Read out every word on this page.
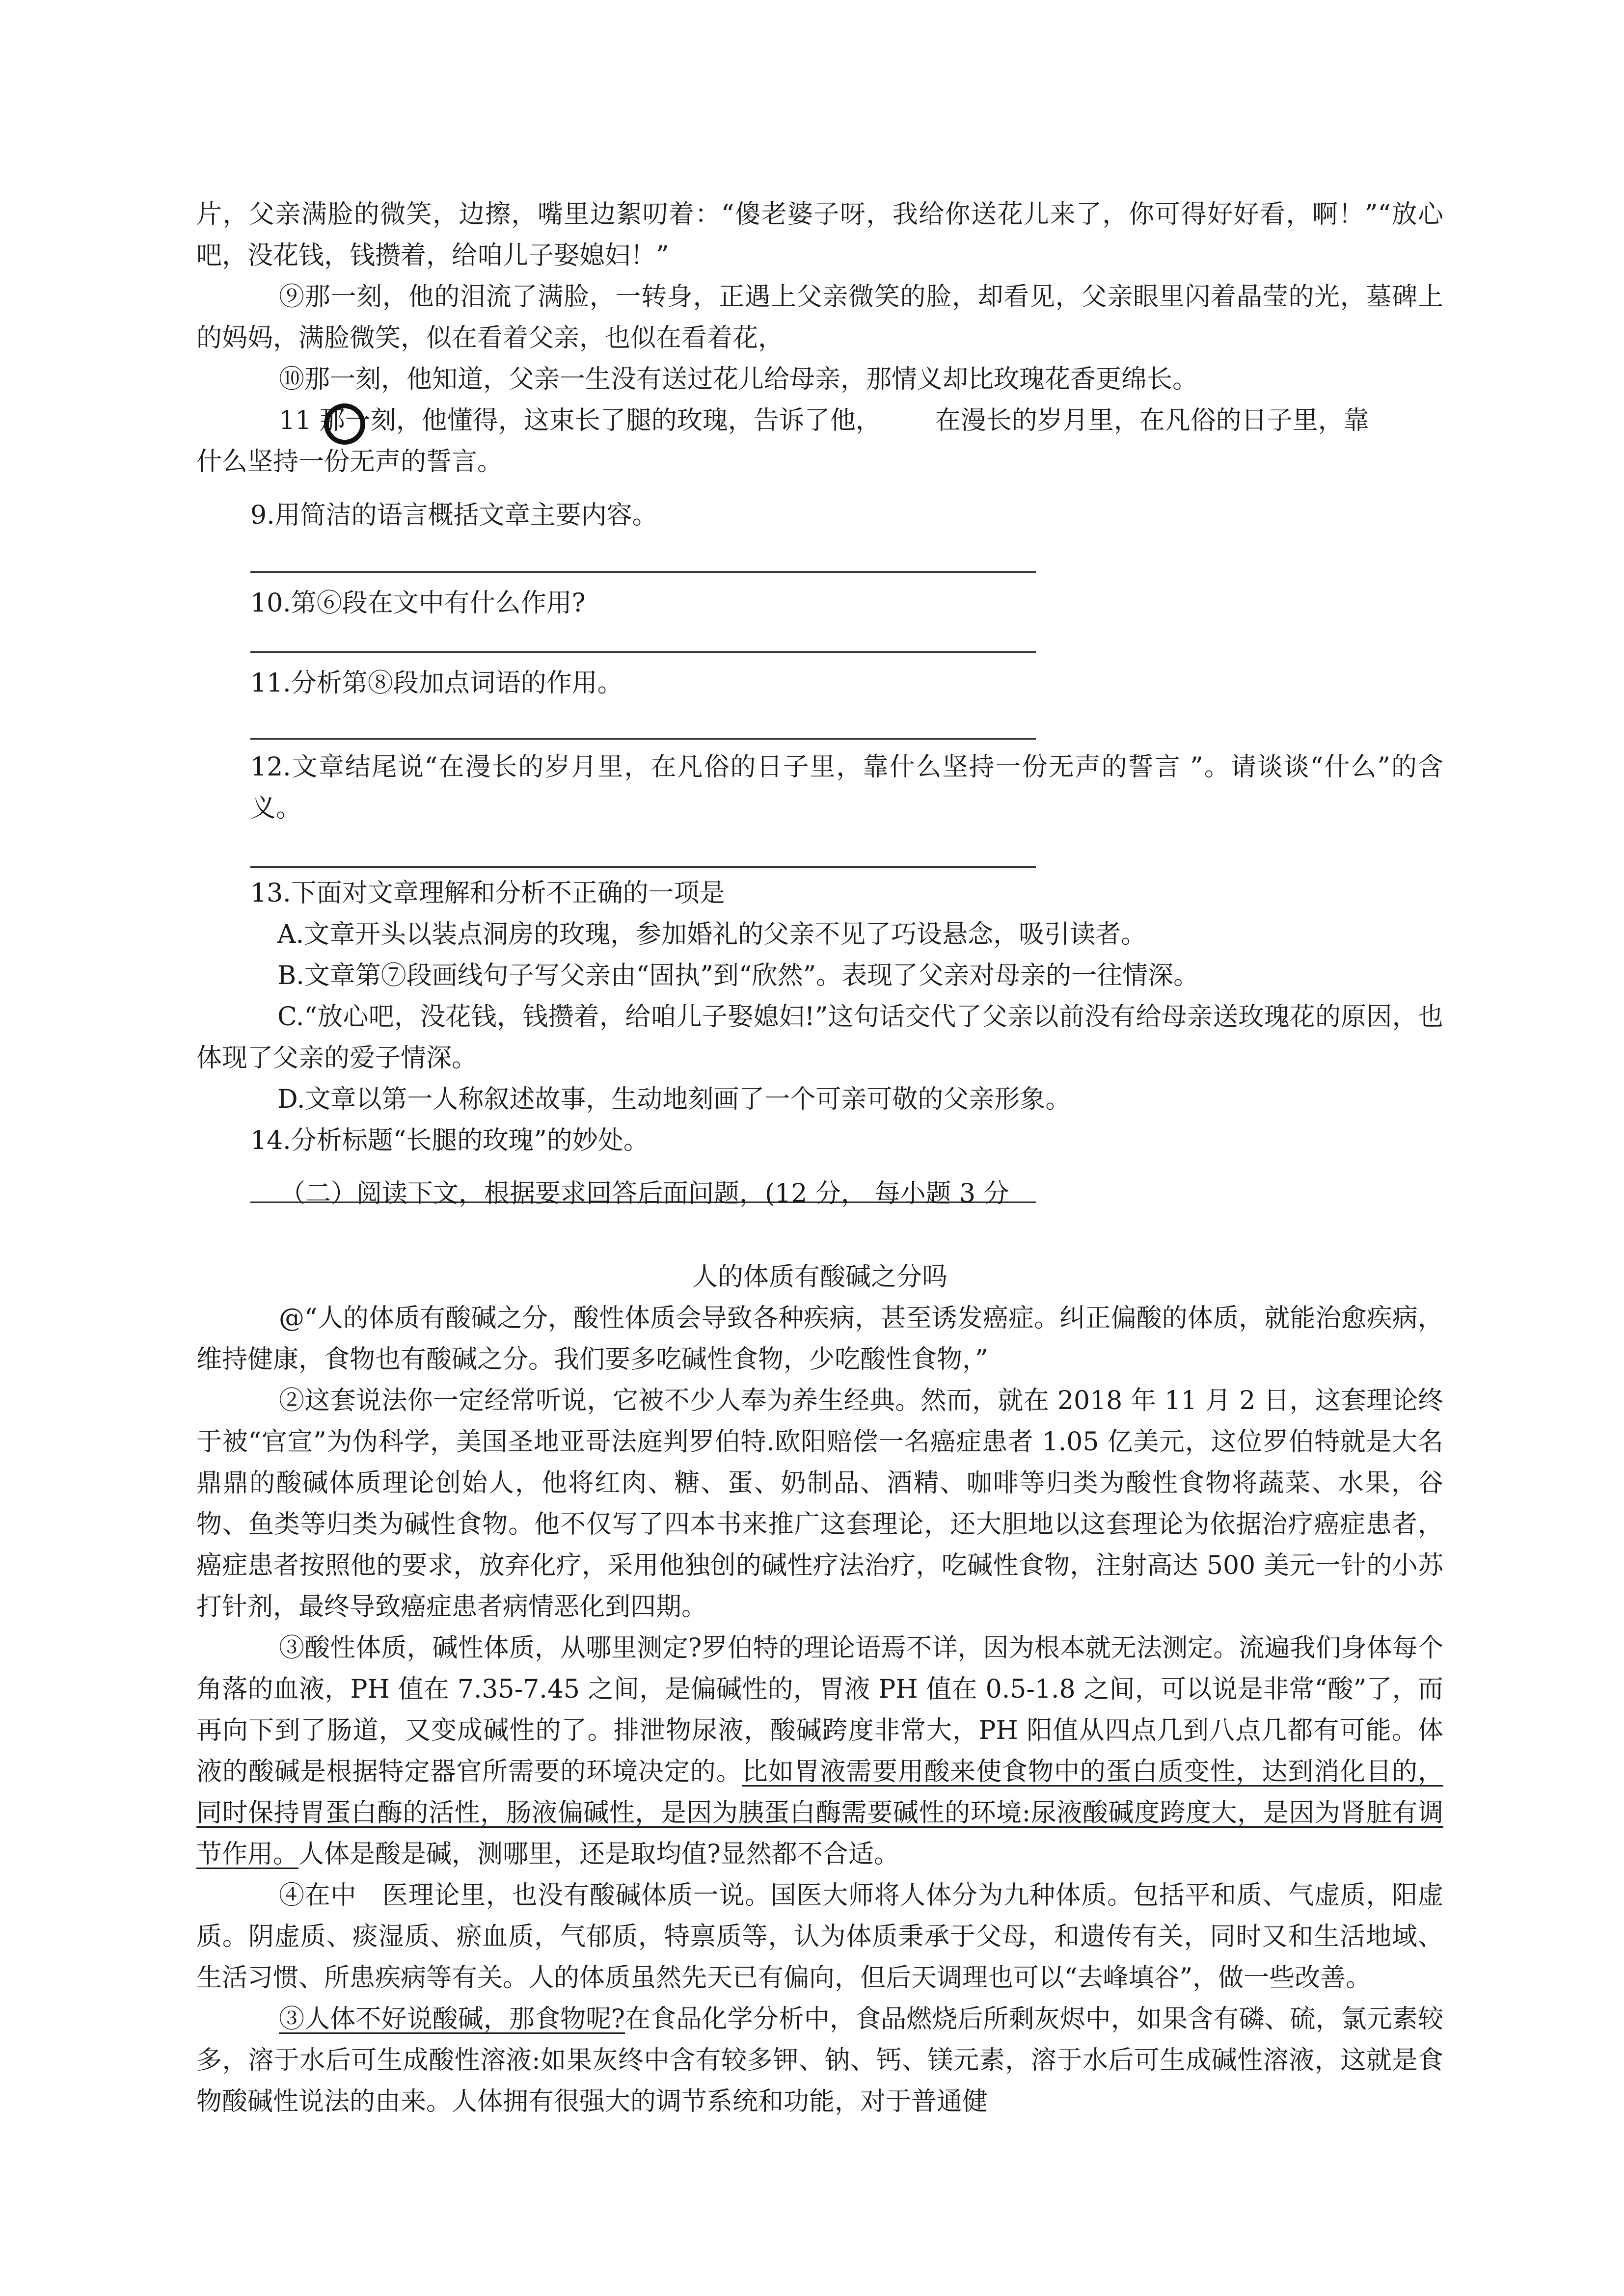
片，父亲满脸的微笑，边擦，嘴里边絮叨着：“傻老婆子呀，我给你送花儿来了，你可得好好看，啊！”“放心吧，没花钱，钱攒着，给咱儿子娶媳妇！”

⑨那一刻，他的泪流了满脸，一转身，正遇上父亲微笑的脸，却看见，父亲眼里闪着晶莹的光，墓碑上的妈妈，满脸微笑，似在看着父亲，也似在看着花，

⑩那一刻，他知道，父亲一生没有送过花儿给母亲，那情义却比玫瑰花香更绵长。

11 那一刻，他懂得，这束长了腿的玫瑰，告诉了他， 在漫长的岁月里，在凡俗的日子里，靠

什么坚持一份无声的誓言。

9.用简洁的语言概括文章主要内容。

10.第⑥段在文中有什么作用?

11.分析第⑧段加点词语的作用。

12.文章结尾说“在漫长的岁月里，在凡俗的日子里，靠什么坚持一份无声的誓言 ”。请谈谈“什么”的含义。

13.下面对文章理解和分析不正确的一项是

A.文章开头以装点洞房的玫瑰，参加婚礼的父亲不见了巧设悬念，吸引读者。

B.文章第⑦段画线句子写父亲由“固执”到“欣然”。表现了父亲对母亲的一往情深。

C.“放心吧，没花钱，钱攒着，给咱儿子娶媳妇!”这句话交代了父亲以前没有给母亲送玫瑰花的原因，也体现了父亲的爱子情深。

D.文章以第一人称叙述故事，生动地刻画了一个可亲可敬的父亲形象。

14.分析标题“长腿的玫瑰”的妙处。

（二）阅读下文，根据要求回答后面问题，(12 分， 每小题 3 分

人的体质有酸碱之分吗

@“人的体质有酸碱之分，酸性体质会导致各种疾病，甚至诱发癌症。纠正偏酸的体质，就能治愈疾病，维持健康，食物也有酸碱之分。我们要多吃碱性食物，少吃酸性食物，”

②这套说法你一定经常听说，它被不少人奉为养生经典。然而，就在 2018 年 11 月 2 日，这套理论终于被“官宣”为伪科学，美国圣地亚哥法庭判罗伯特.欧阳赔偿一名癌症患者 1.05 亿美元，这位罗伯特就是大名鼎鼎的酸碱体质理论创始人，他将红肉、糖、蛋、奶制品、酒精、咖啡等归类为酸性食物将蔬菜、水果，谷物、鱼类等归类为碱性食物。他不仅写了四本书来推广这套理论，还大胆地以这套理论为依据治疗癌症患者，癌症患者按照他的要求，放弃化疗，采用他独创的碱性疗法治疗，吃碱性食物，注射高达 500 美元一针的小苏打针剂，最终导致癌症患者病情恶化到四期。

③酸性体质，碱性体质，从哪里测定?罗伯特的理论语焉不详，因为根本就无法测定。流遍我们身体每个角落的血液，PH 值在 7.35-7.45 之间，是偏碱性的，胃液 PH 值在 0.5-1.8 之间，可以说是非常“酸”了，而再向下到了肠道，又变成碱性的了。排泄物尿液，酸碱跨度非常大，PH 阳值从四点几到八点几都有可能。体液的酸碱是根据特定器官所需要的环境决定的。比如胃液需要用酸来使食物中的蛋白质变性，达到消化目的，同时保持胃蛋白酶的活性，肠液偏碱性，是因为胰蛋白酶需要碱性的环境:尿液酸碱度跨度大，是因为肾脏有调节作用。人体是酸是碱，测哪里，还是取均值?显然都不合适。

④在中　医理论里，也没有酸碱体质一说。国医大师将人体分为九种体质。包括平和质、气虚质，阳虚质。阴虚质、痰湿质、瘀血质，气郁质，特禀质等，认为体质秉承于父母，和遗传有关，同时又和生活地域、生活习惯、所患疾病等有关。人的体质虽然先天已有偏向，但后天调理也可以“去峰填谷”，做一些改善。

③人体不好说酸碱，那食物呢?在食品化学分析中，食品燃烧后所剩灰烬中，如果含有磷、硫，氯元素较多，溶于水后可生成酸性溶液:如果灰终中含有较多钾、钠、钙、镁元素，溶于水后可生成碱性溶液，这就是食物酸碱性说法的由来。人体拥有很强大的调节系统和功能，对于普通健
